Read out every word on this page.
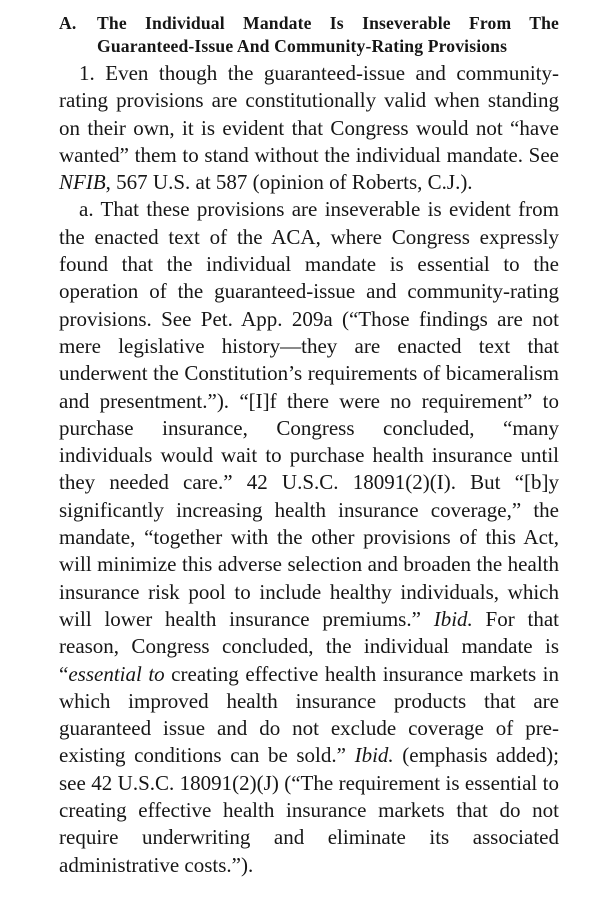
A. The Individual Mandate Is Inseverable From The
Guaranteed-Issue And Community-Rating Provisions

1. Even though the guaranteed-issue and community-rating provisions are constitutionally valid when standing on their own, it is evident that Congress would not “have wanted” them to stand without the individual mandate. See NFIB, 567 U.S. at 587 (opinion of Roberts, C.J.).

a. That these provisions are inseverable is evident from the enacted text of the ACA, where Congress expressly found that the individual mandate is essential to the operation of the guaranteed-issue and community-rating provisions. See Pet. App. 209a (“Those findings are not mere legislative history—they are enacted text that underwent the Constitution’s requirements of bicameralism and presentment.”). “[I]f there were no requirement” to purchase insurance, Congress concluded, “many individuals would wait to purchase health insurance until they needed care.” 42 U.S.C. 18091(2)(I). But “[b]y significantly increasing health insurance coverage,” the mandate, “together with the other provisions of this Act, will minimize this adverse selection and broaden the health insurance risk pool to include healthy individuals, which will lower health insurance premiums.” Ibid. For that reason, Congress concluded, the individual mandate is “essential to creating effective health insurance markets in which improved health insurance products that are guaranteed issue and do not exclude coverage of pre-existing conditions can be sold.” Ibid. (emphasis added); see 42 U.S.C. 18091(2)(J) (“The requirement is essential to creating effective health insurance markets that do not require underwriting and eliminate its associated administrative costs.”).
